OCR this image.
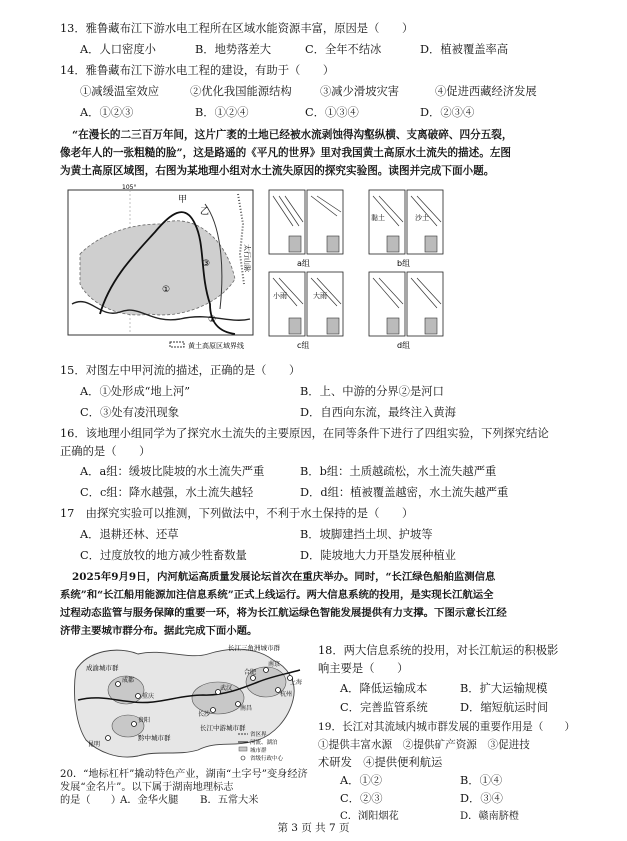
13．雅鲁藏布江下游水电工程所在区域水能资源丰富，原因是（　　）
A．人口密度小	B．地势落差大	C．全年不结冰	D．植被覆盖率高
14．雅鲁藏布江下游水电工程的建设，有助于（　　）
①减缓温室效应	②优化我国能源结构	③减少滑坡灾害	④促进西藏经济发展
A．①②③	B．①②④	C．①③④	D．②③④
“在漫长的二三百万年间，这片广袤的土地已经被水流剥蚀得沟壑纵横、支离破碎、四分五裂，
像老年人的一张粗糙的脸”，这是路遥的《平凡的世界》里对我国黄土高原水土流失的描述。左图
为黄土高原区域图，右图为某地理小组对水土流失原因的探究实验图。读图并完成下面小题。
105°
甲
乙
③
①
②
太行山脉
黄土高原区域界线
黏土	沙土
小雨	大雨
a组	b组
c组	d组
15．对图左中甲河流的描述，正确的是（　　）
A．①处形成“地上河”	B．上、中游的分界②是河口
C．③处有凌汛现象	D．自西向东流，最终注入黄海
16．该地理小组同学为了探究水土流失的主要原因，在同等条件下进行了四组实验，下列探究结论
正确的是（　　）
A．a组：缓坡比陡坡的水土流失严重	B．b组：土质越疏松，水土流失越严重
C．c组：降水越强，水土流失越轻	D．d组：植被覆盖越密，水土流失越严重
17　由探究实验可以推测，下列做法中，不利于水土保持的是（　　）
A．退耕还林、还草	B．坡脚建挡土坝、护坡等
C．过度放牧的地方减少牲畜数量	D．陡坡地大力开垦发展种植业
2025年9月9日，内河航运高质量发展论坛首次在重庆举办。同时，“长江绿色船舶监测信息
系统”和“长江船用能源加注信息系统”正式上线运行。两大信息系统的投用，是实现长江航运全
过程动态监管与服务保障的重要一环，将为长江航运绿色智能发展提供有力支撑。下图示意长江经
济带主要城市群分布。据此完成下面小题。
长江三角洲城市群
成渝城市群
长江中游城市群
黔中城市群
成都
重庆
贵阳
昆明
武汉
长沙
南昌
合肥
南京
杭州
上海
省区界
河流、湖泊
城市群
省级行政中心
18．两大信息系统的投用，对长江航运的积极影
响主要是（　　）
A．降低运输成本	B．扩大运输规模
C．完善监管系统	D．缩短航运时间
19．长江对其流域内城市群发展的重要作用是（　　）
①提供丰富水源　②提供矿产资源　③促进技
术研发　④提供便利航运
A．①②	B．①④
C．②③	D．③④
第 3 页 共 7 页
20．“地标杠杆”撬动特色产业，湖南“土字号”变身经济发展“金名片”。以下属于湖南地理标志
的是（　　）
A．金华火腿 B．五常大米
C．浏阳烟花	D．赣南脐橙
